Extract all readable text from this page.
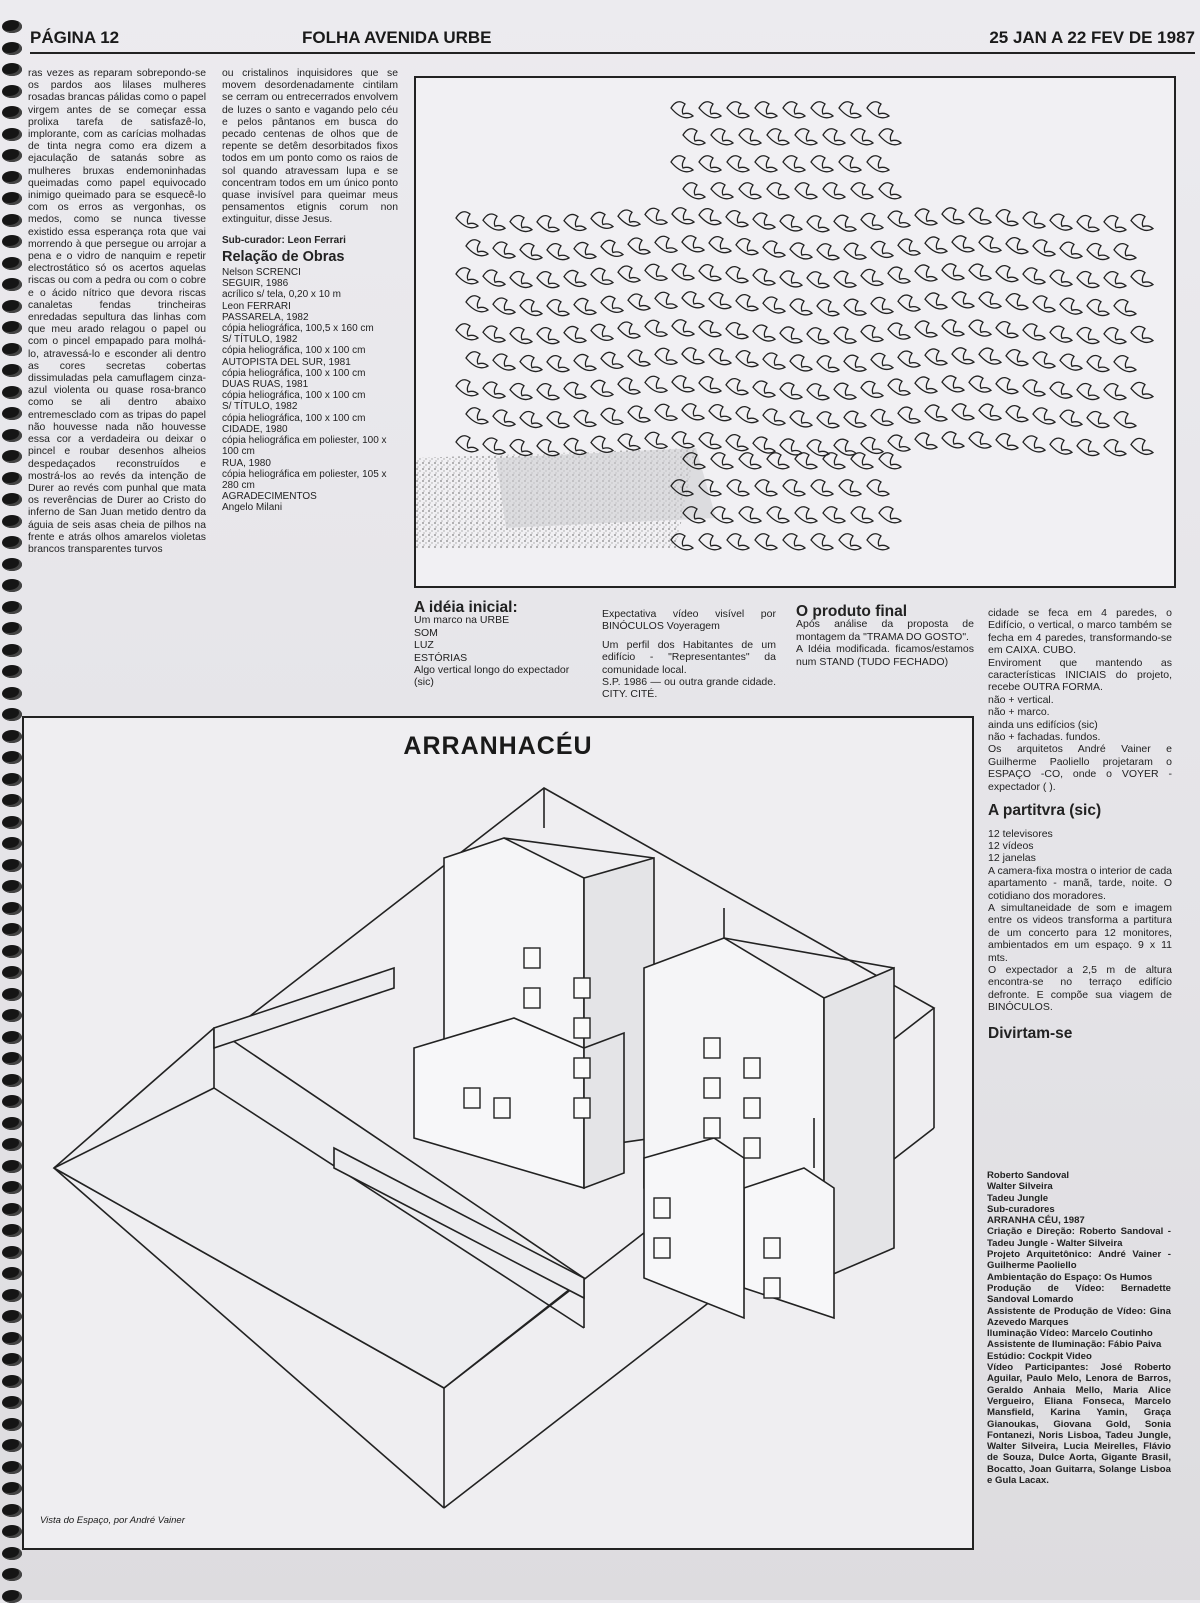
PÁGINA 12	FOLHA AVENIDA URBE	25 JAN A 22 FEV DE 1987

ras vezes as reparam sobrepondo-se os pardos aos lilases mulheres rosadas brancas pálidas como o papel virgem antes de se começar essa prolixa tarefa de satisfazê-lo, implorante, com as carícias molhadas de tinta negra como era dizem a ejaculação de satanás sobre as mulheres bruxas endemoninhadas queimadas como papel equivocado inimigo queimado para se esquecê-lo com os erros as vergonhas, os medos, como se nunca tivesse existido essa esperança rota que vai morrendo à que persegue ou arrojar a pena e o vidro de nanquim e repetir electrostático só os acertos aquelas riscas ou com a pedra ou com o cobre e o ácido nítrico que devora riscas canaletas fendas trincheiras enredadas sepultura das linhas com que meu arado relagou o papel ou com o pincel empapado para molhá-lo, atravessá-lo e esconder ali dentro as cores secretas cobertas dissimuladas pela camuflagem cinza-azul violenta ou quase rosa-branco como se ali dentro abaixo entremesclado com as tripas do papel não houvesse nada não houvesse essa cor a verdadeira ou deixar o pincel e roubar desenhos alheios despedaçados reconstruídos e mostrá-los ao revés da intenção de Durer ao revés com punhal que mata os reverências de Durer ao Cristo do inferno de San Juan metido dentro da águia de seis asas cheia de pilhos na frente e atrás olhos amarelos violetas brancos transparentes turvos

ou cristalinos inquisidores que se movem desordenadamente cintilam se cerram ou entrecerrados envolvem de luzes o santo e vagando pelo céu e pelos pântanos em busca do pecado centenas de olhos que de repente se detêm desorbitados fixos todos em um ponto como os raios de sol quando atravessam lupa e se concentram todos em um único ponto quase invisível para queimar meus pensamentos etignis corum non extinguitur, disse Jesus.

Sub-curador: Leon Ferrari
Relação de Obras
Nelson SCRENCI
SEGUIR, 1986
acrílico s/ tela, 0,20 x 10 m
Leon FERRARI
PASSARELA, 1982
cópia heliográfica, 100,5 x 160 cm
S/ TÍTULO, 1982
cópia heliográfica, 100 x 100 cm
AUTOPISTA DEL SUR, 1981
cópia heliográfica, 100 x 100 cm
DUAS RUAS, 1981
cópia heliográfica, 100 x 100 cm
S/ TÍTULO, 1982
cópia heliográfica, 100 x 100 cm
CIDADE, 1980
cópia heliográfica em poliester, 100 x 100 cm
RUA, 1980
cópia heliográfica em poliester, 105 x 280 cm
AGRADECIMENTOS
Angelo Milani
A idéia inicial:
Um marco na URBE
SOM
LUZ
ESTÓRIAS
Algo vertical longo do expectador (sic)

Expectativa vídeo visível por BINÓCULOS Voyeragem

Um perfil dos Habitantes de um edifício - "Representantes" da comunidade local.

S.P. 1986 — ou outra grande cidade. CITY. CITÉ.

O produto final

Após análise da proposta de montagem da "TRAMA DO GOSTO".

A Idéia modificada. ficamos/estamos num STAND (TUDO FECHADO)

cidade se feca em 4 paredes, o Edifício, o vertical, o marco também se fecha em 4 paredes, transformando-se em CAIXA. CUBO.

Enviroment que mantendo as características INICIAIS do projeto, recebe OUTRA FORMA.

não + vertical.

não + marco.

ainda uns edifícios (sic)

não + fachadas. fundos.

Os arquitetos André Vainer e Guilherme Paoliello projetaram o ESPAÇO -CO, onde o VOYER - expectador ( ).

A partitvra (sic)
12 televisores
12 vídeos
12 janelas

A camera-fixa mostra o interior de cada apartamento - manã, tarde, noite. O cotidiano dos moradores.

A simultaneidade de som e imagem entre os videos transforma a partitura de um concerto para 12 monitores, ambientados em um espaço. 9 x 11 mts.

O expectador a 2,5 m de altura encontra-se no terraço edifício defronte. E compõe sua viagem de BINÓCULOS.

Divirtam-se

Roberto Sandoval

Walter Silveira

Tadeu Jungle

Sub-curadores

ARRANHA CÉU, 1987

Criação e Direção: Roberto Sandoval - Tadeu Jungle - Walter Silveira

Projeto Arquitetônico: André Vainer - Guilherme Paoliello

Ambientação do Espaço: Os Humos

Produção de Vídeo: Bernadette Sandoval Lomardo

Assistente de Produção de Vídeo: Gina Azevedo Marques

Iluminação Vídeo: Marcelo Coutinho

Assistente de Iluminação: Fábio Paiva

Estúdio: Cockpit Video

Vídeo Participantes: José Roberto Aguilar, Paulo Melo, Lenora de Barros, Geraldo Anhaia Mello, Maria Alice Vergueiro, Eliana Fonseca, Marcelo Mansfield, Karina Yamin, Graça Gianoukas, Giovana Gold, Sonia Fontanezi, Noris Lisboa, Tadeu Jungle, Walter Silveira, Lucia Meirelles, Flávio de Souza, Dulce Aorta, Gigante Brasil, Bocatto, Joan Guitarra, Solange Lisboa e Gula Lacax.

ARRANHACÉU
Vista do Espaço, por André Vainer
